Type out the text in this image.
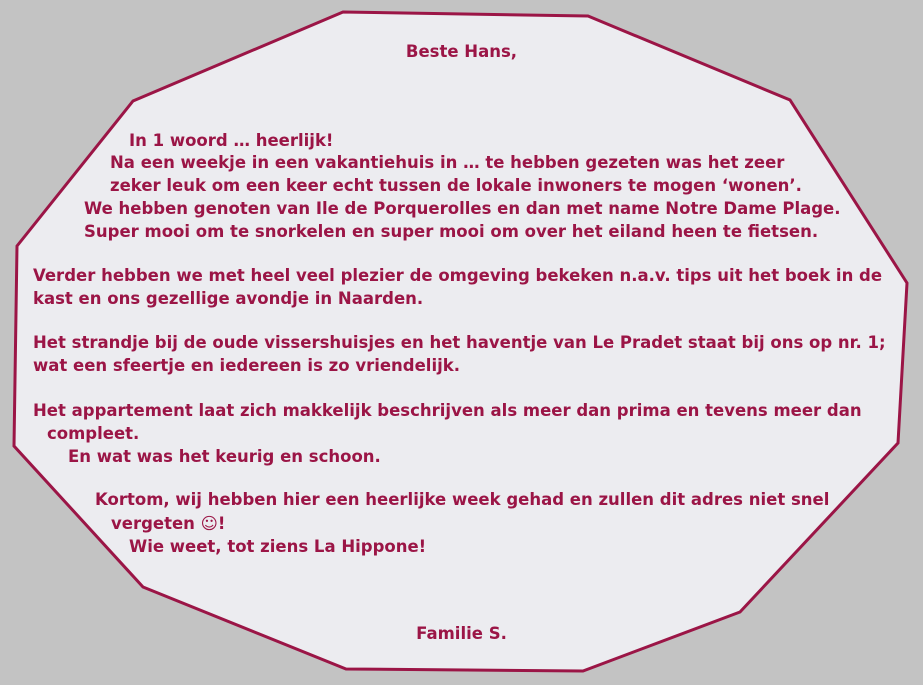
Beste Hans,

In 1 woord … heerlijk!

Na een weekje in een vakantiehuis in … te hebben gezeten was het zeer

zeker leuk om een keer echt tussen de lokale inwoners te mogen ‘wonen’.

We hebben genoten van Ile de Porquerolles en dan met name Notre Dame Plage.

Super mooi om te snorkelen en super mooi om over het eiland heen te fietsen.

Verder hebben we met heel veel plezier de omgeving bekeken n.a.v. tips uit het boek in de

kast en ons gezellige avondje in Naarden.

Het strandje bij de oude vissershuisjes en het haventje van Le Pradet staat bij ons op nr. 1;

wat een sfeertje en iedereen is zo vriendelijk.

Het appartement laat zich makkelijk beschrijven als meer dan prima en tevens meer dan

compleet.

En wat was het keurig en schoon.

Kortom, wij hebben hier een heerlijke week gehad en zullen dit adres niet snel

vergeten ☺!

Wie weet, tot ziens La Hippone!

Familie S.
